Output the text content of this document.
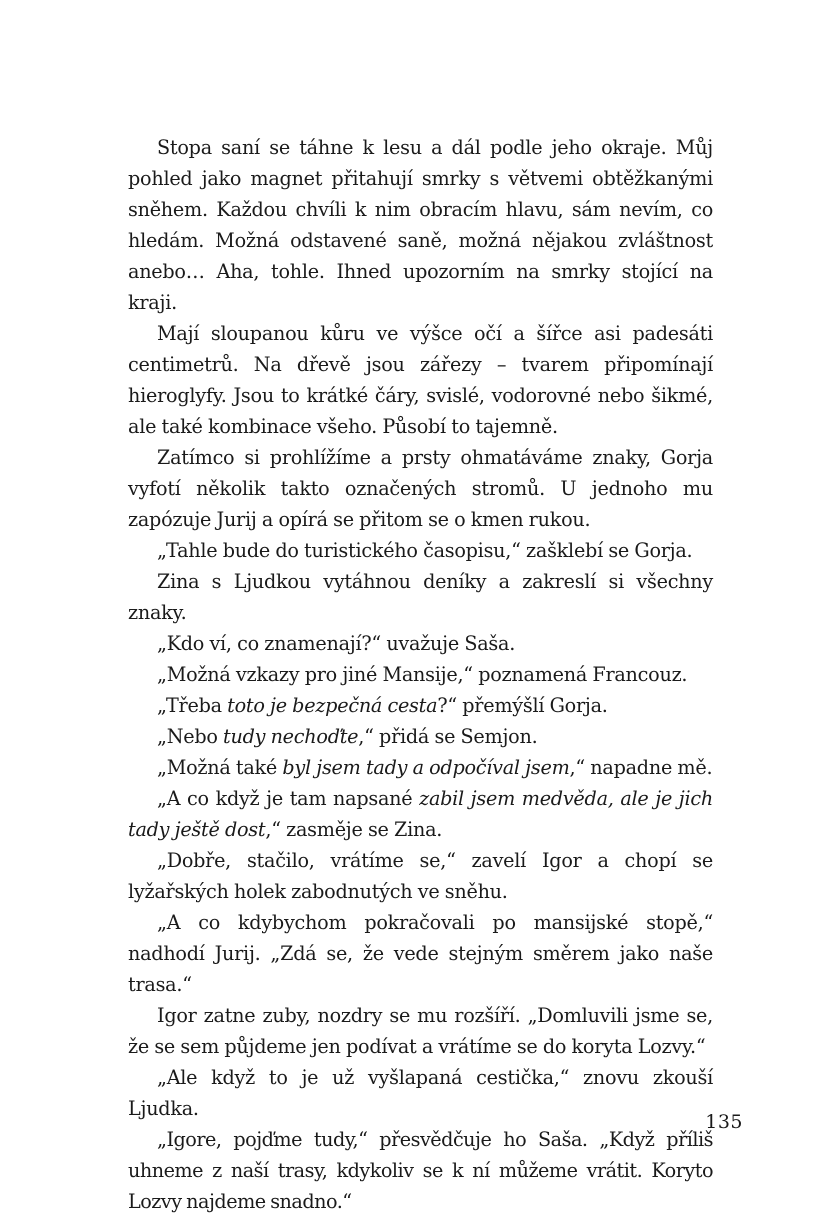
Stopa saní se táhne k lesu a dál podle jeho okraje. Můj pohled jako magnet přitahují smrky s větvemi obtěžkanými sněhem. Každou chvíli k nim obracím hlavu, sám nevím, co hledám. Možná odstavené saně, možná nějakou zvláštnost anebo… Aha, tohle. Ihned upozorním na smrky stojící na kraji.

Mají sloupanou kůru ve výšce očí a šířce asi padesáti centimetrů. Na dřevě jsou zářezy – tvarem připomínají hieroglyfy. Jsou to krátké čáry, svislé, vodorovné nebo šikmé, ale také kombinace všeho. Působí to tajemně.

Zatímco si prohlížíme a prsty ohmatáváme znaky, Gorja vyfotí několik takto označených stromů. U jednoho mu zapózuje Jurij a opírá se přitom se o kmen rukou.

„Tahle bude do turistického časopisu,“ zašklebí se Gorja.

Zina s Ljudkou vytáhnou deníky a zakreslí si všechny znaky.

„Kdo ví, co znamenají?“ uvažuje Saša.

„Možná vzkazy pro jiné Mansije,“ poznamená Francouz.

„Třeba toto je bezpečná cesta?“ přemýšlí Gorja.

„Nebo tudy nechoďte,“ přidá se Semjon.

„Možná také byl jsem tady a odpočíval jsem,“ napadne mě.

„A co když je tam napsané zabil jsem medvěda, ale je jich tady ještě dost,“ zasměje se Zina.

„Dobře, stačilo, vrátíme se,“ zavelí Igor a chopí se lyžařských holek zabodnutých ve sněhu.

„A co kdybychom pokračovali po mansijské stopě,“ nadhodí Jurij. „Zdá se, že vede stejným směrem jako naše trasa.“

Igor zatne zuby, nozdry se mu rozšíří. „Domluvili jsme se, že se sem půjdeme jen podívat a vrátíme se do koryta Lozvy.“

„Ale když to je už vyšlapaná cestička,“ znovu zkouší Ljudka.

„Igore, pojďme tudy,“ přesvědčuje ho Saša. „Když příliš uhneme z naší trasy, kdykoliv se k ní můžeme vrátit. Koryto Lozvy najdeme snadno.“

135
